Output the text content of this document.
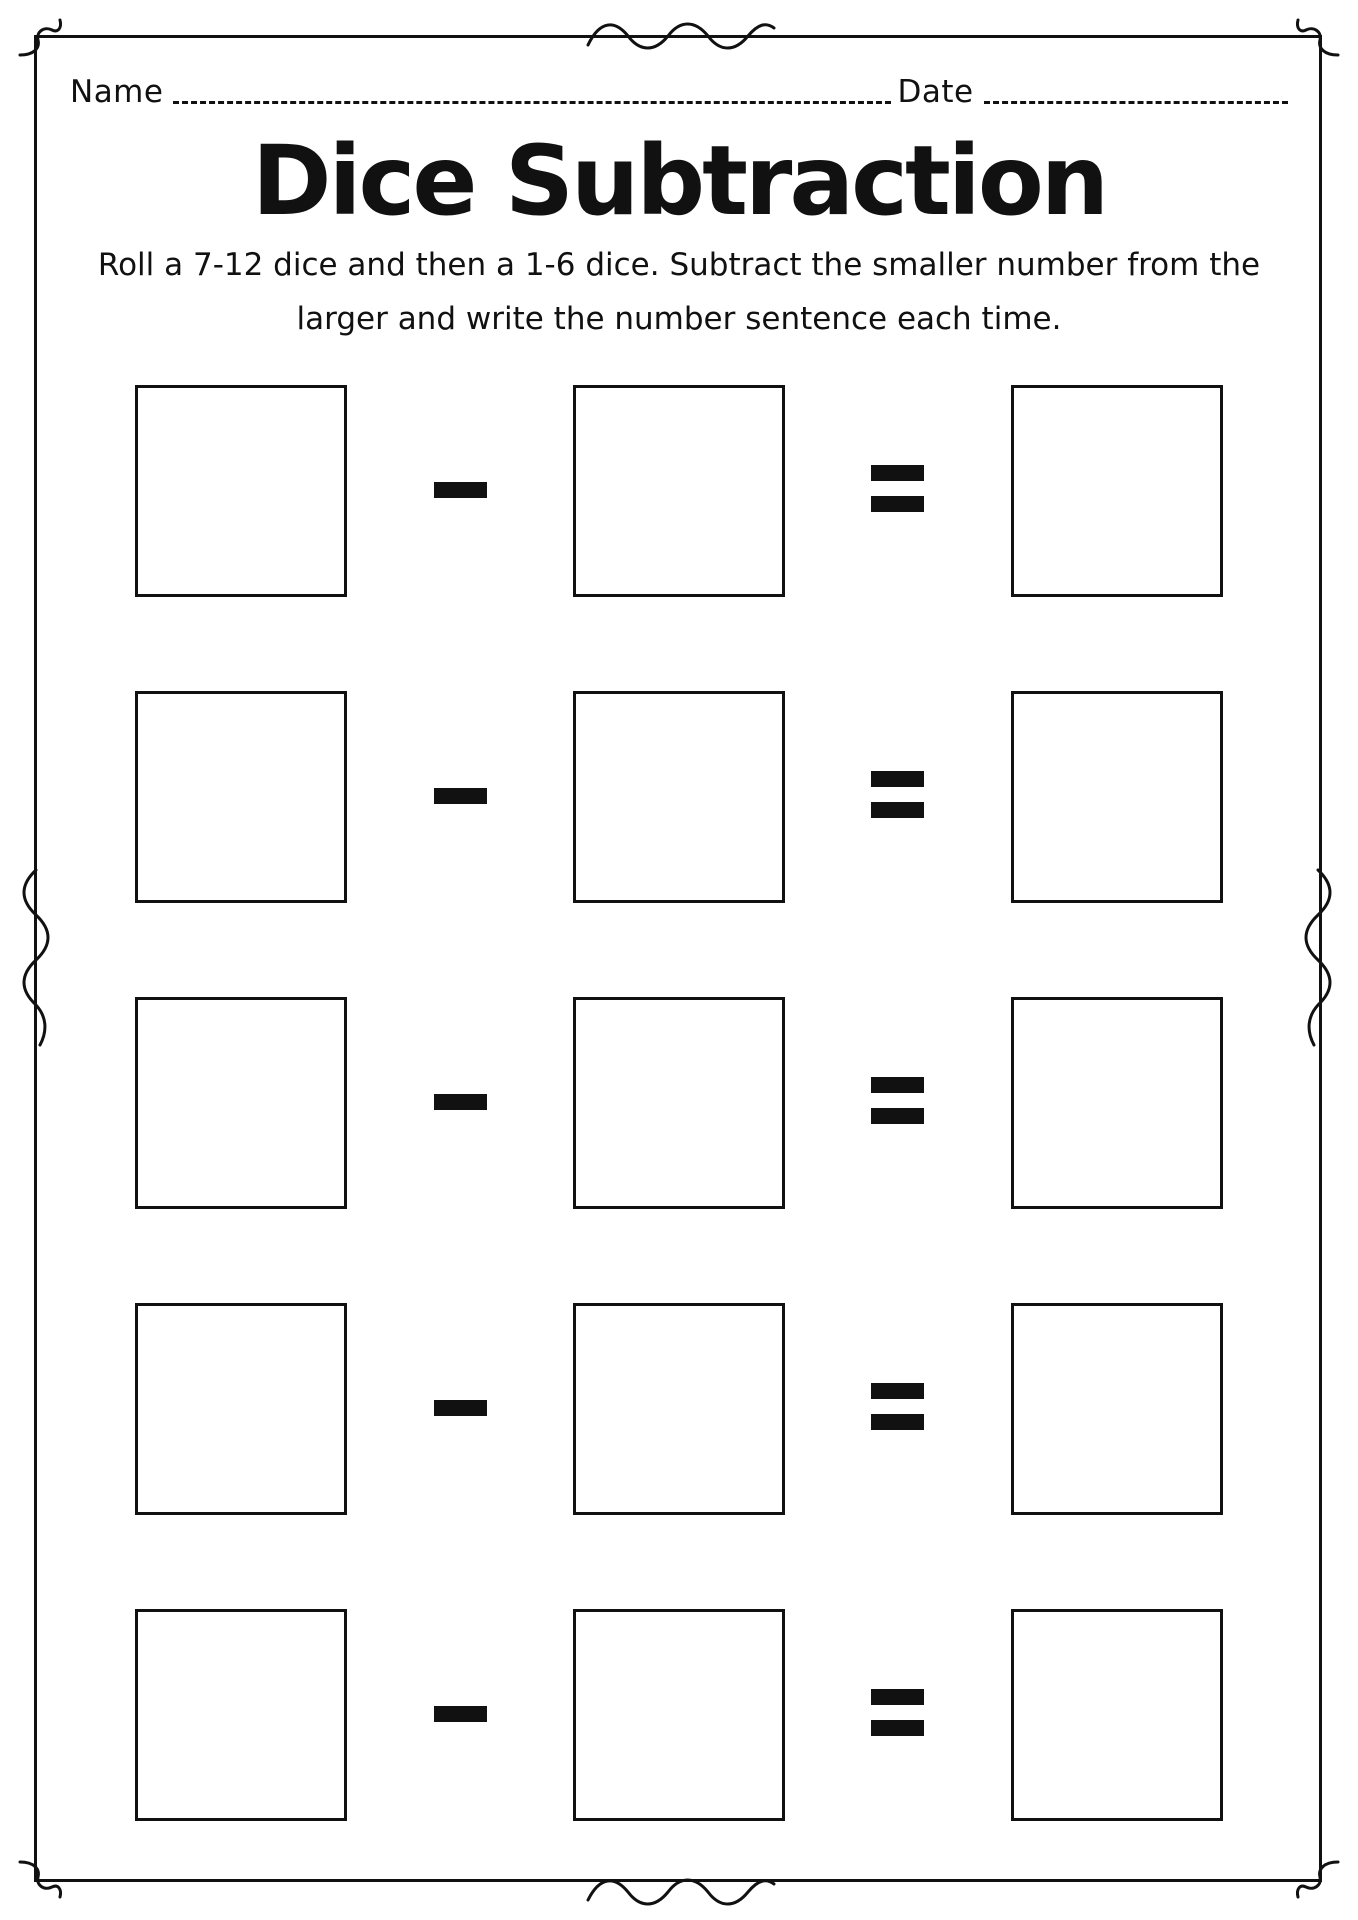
Name	Date
Dice Subtraction
Roll a 7-12 dice and then a 1-6 dice. Subtract the smaller number from the larger and write the number sentence each time.
